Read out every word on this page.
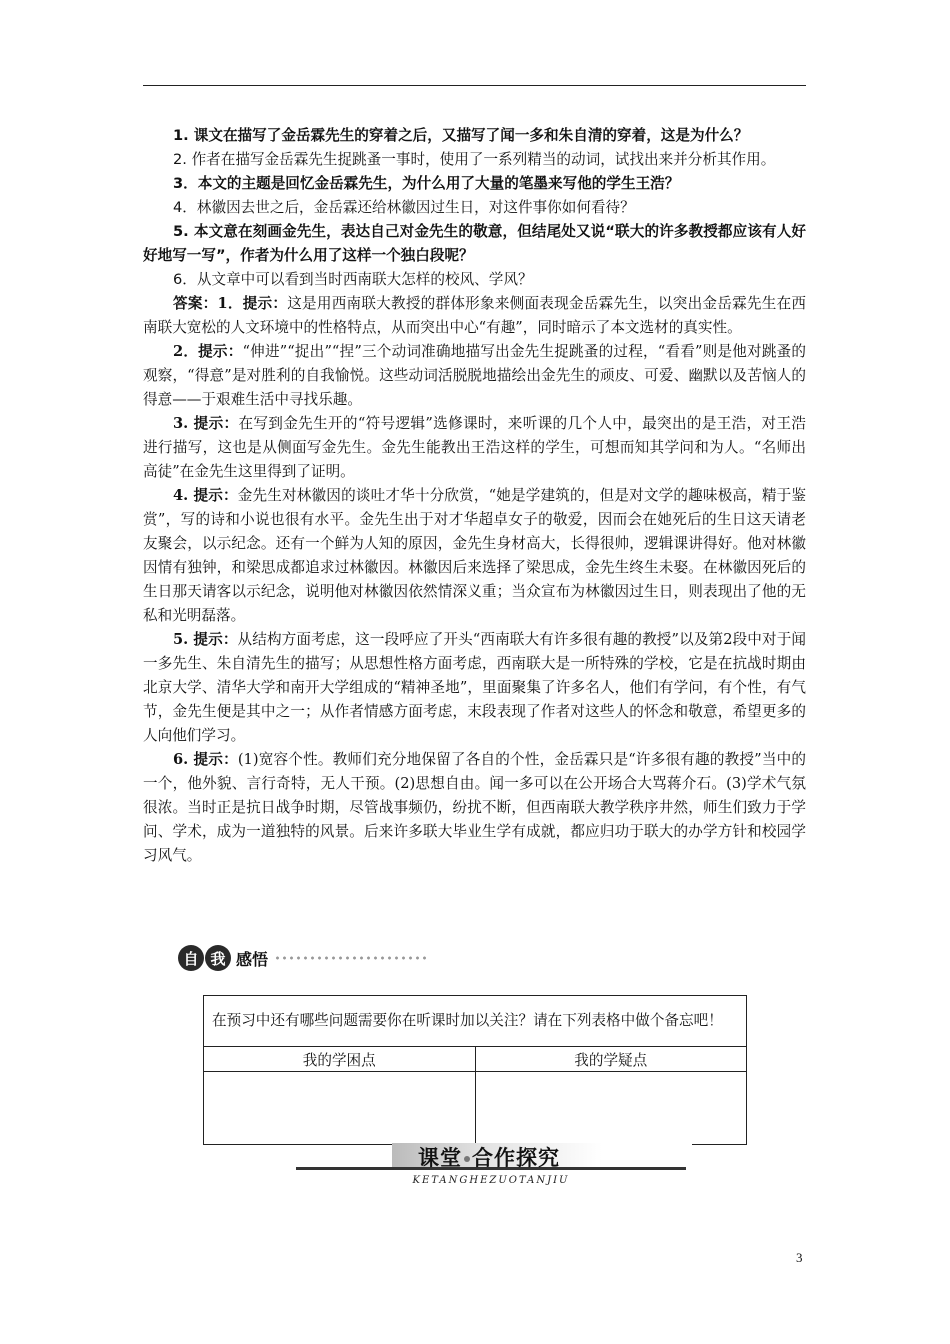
1. 课文在描写了金岳霖先生的穿着之后，又描写了闻一多和朱自清的穿着，这是为什么？

2. 作者在描写金岳霖先生捉跳蚤一事时，使用了一系列精当的动词，试找出来并分析其作用。

3．本文的主题是回忆金岳霖先生，为什么用了大量的笔墨来写他的学生王浩？

4．林徽因去世之后，金岳霖还给林徽因过生日，对这件事你如何看待？

5. 本文意在刻画金先生，表达自己对金先生的敬意，但结尾处又说“联大的许多教授都应该有人好好地写一写”，作者为什么用了这样一个独白段呢？

6．从文章中可以看到当时西南联大怎样的校风、学风？

答案：1．提示：这是用西南联大教授的群体形象来侧面表现金岳霖先生，以突出金岳霖先生在西南联大宽松的人文环境中的性格特点，从而突出中心“有趣”，同时暗示了本文选材的真实性。

2．提示：“伸进”“捉出”“捏”三个动词准确地描写出金先生捉跳蚤的过程，“看看”则是他对跳蚤的观察，“得意”是对胜利的自我愉悦。这些动词活脱脱地描绘出金先生的顽皮、可爱、幽默以及苦恼人的得意——于艰难生活中寻找乐趣。

3. 提示：在写到金先生开的“符号逻辑”选修课时，来听课的几个人中，最突出的是王浩，对王浩进行描写，这也是从侧面写金先生。金先生能教出王浩这样的学生，可想而知其学问和为人。“名师出高徒”在金先生这里得到了证明。

4. 提示：金先生对林徽因的谈吐才华十分欣赏，“她是学建筑的，但是对文学的趣味极高，精于鉴赏”，写的诗和小说也很有水平。金先生出于对才华超卓女子的敬爱，因而会在她死后的生日这天请老友聚会，以示纪念。还有一个鲜为人知的原因，金先生身材高大，长得很帅，逻辑课讲得好。他对林徽因情有独钟，和梁思成都追求过林徽因。林徽因后来选择了梁思成，金先生终生未娶。在林徽因死后的生日那天请客以示纪念，说明他对林徽因依然情深义重；当众宣布为林徽因过生日，则表现出了他的无私和光明磊落。

5. 提示：从结构方面考虑，这一段呼应了开头“西南联大有许多很有趣的教授”以及第2段中对于闻一多先生、朱自清先生的描写；从思想性格方面考虑，西南联大是一所特殊的学校，它是在抗战时期由北京大学、清华大学和南开大学组成的“精神圣地”，里面聚集了许多名人，他们有学问，有个性，有气节，金先生便是其中之一；从作者情感方面考虑，末段表现了作者对这些人的怀念和敬意，希望更多的人向他们学习。

6. 提示：(1)宽容个性。教师们充分地保留了各自的个性，金岳霖只是“许多很有趣的教授”当中的一个，他外貌、言行奇特，无人干预。(2)思想自由。闻一多可以在公开场合大骂蒋介石。(3)学术气氛很浓。当时正是抗日战争时期，尽管战事频仍，纷扰不断，但西南联大教学秩序井然，师生们致力于学问、学术，成为一道独特的风景。后来许多联大毕业生学有成就，都应归功于联大的办学方针和校园学习风气。

自 我 感悟
在预习中还有哪些问题需要你在听课时加以关注？请在下列表格中做个备忘吧！	
我的学困点	我的学疑点

课堂 合作探究
KETANGHEZUOTANJIU
3
